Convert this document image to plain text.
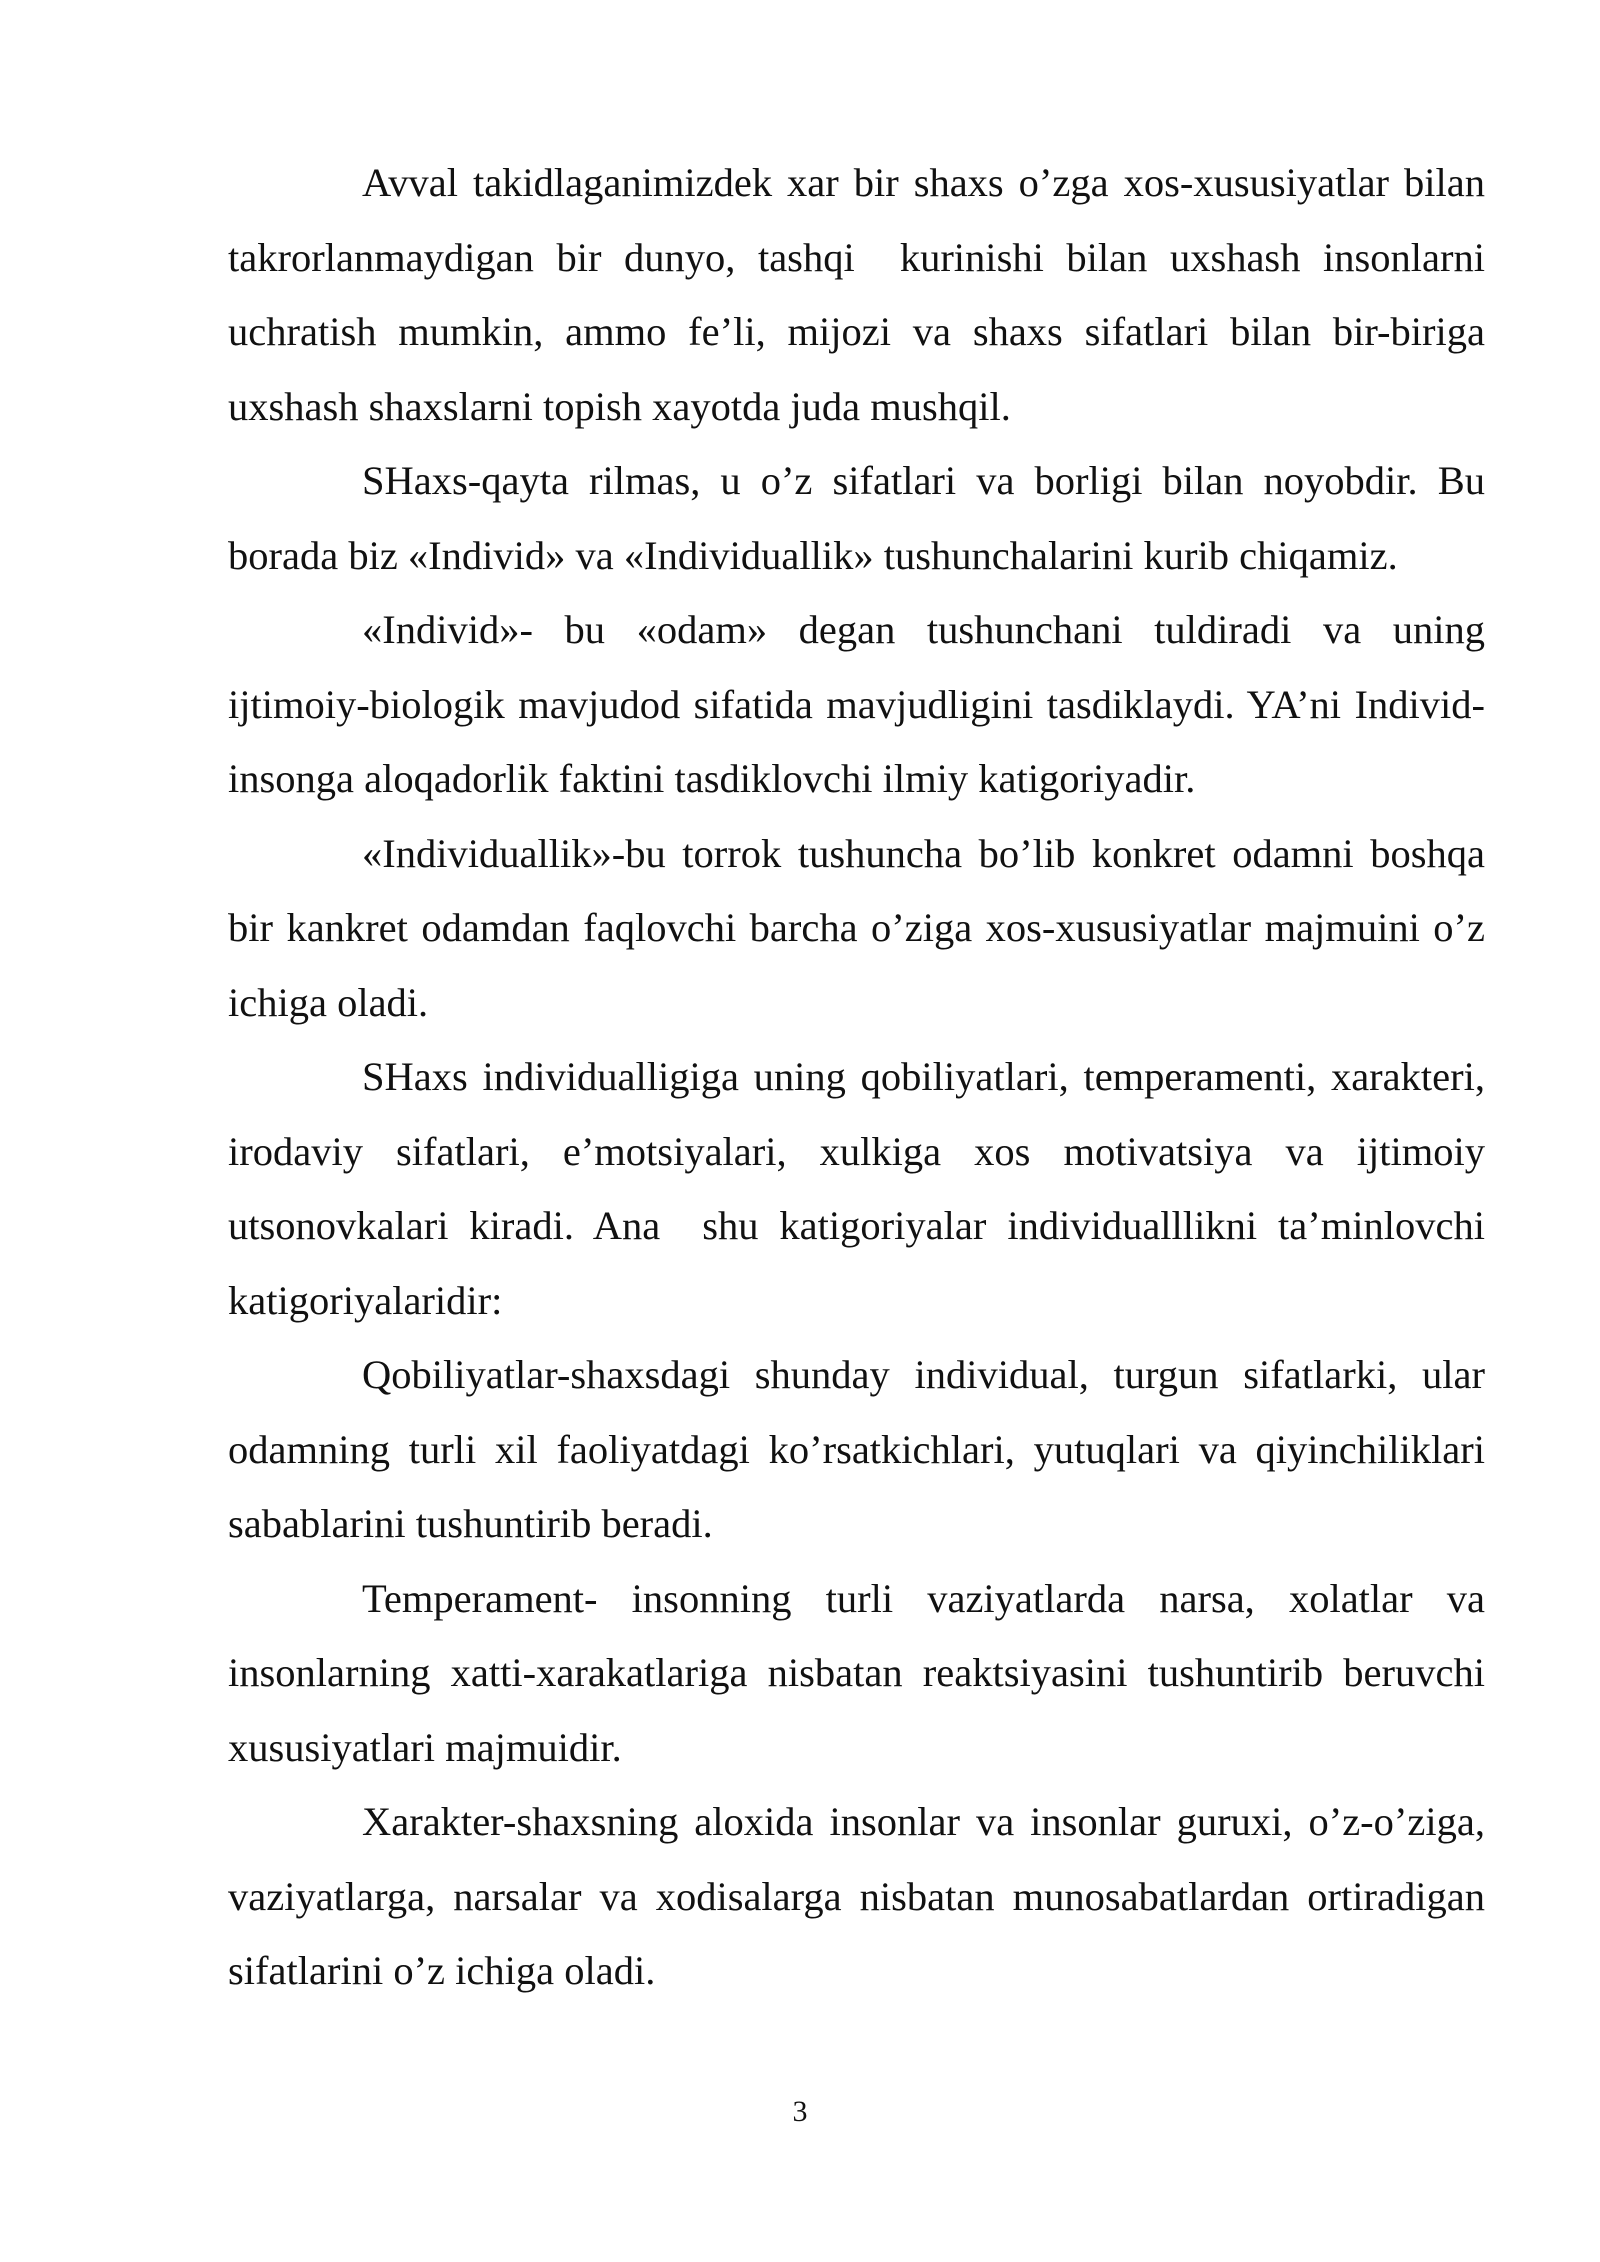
Avval takidlaganimizdek xar bir shaxs o’zga xos-xususiyatlar bilan takrorlanmaydigan bir dunyo, tashqi  kurinishi bilan uxshash insonlarni uchratish mumkin, ammo fe’li, mijozi va shaxs sifatlari bilan bir-biriga uxshash shaxslarni topish xayotda juda mushqil.

SHaxs-qayta rilmas, u o’z sifatlari va borligi bilan noyobdir. Bu borada biz «Individ» va «Individuallik» tushunchalarini kurib chiqamiz.

«Individ»- bu «odam» degan tushunchani tuldiradi va uning ijtimoiy-biologik mavjudod sifatida mavjudligini tasdiklaydi. YA’ni Individ- insonga aloqadorlik faktini tasdiklovchi ilmiy katigoriyadir.

«Individuallik»-bu torrok tushuncha bo’lib konkret odamni boshqa bir kankret odamdan faqlovchi barcha o’ziga xos-xususiyatlar majmuini o’z ichiga oladi.

SHaxs individualligiga uning qobiliyatlari, temperamenti, xarakteri, irodaviy sifatlari, e’motsiyalari, xulkiga xos motivatsiya va ijtimoiy utsonovkalari kiradi. Ana  shu katigoriyalar individualllikni ta’minlovchi katigoriyalaridir:

Qobiliyatlar-shaxsdagi shunday individual, turgun sifatlarki, ular odamning turli xil faoliyatdagi ko’rsatkichlari, yutuqlari va qiyinchiliklari sabablarini tushuntirib beradi.

Temperament- insonning turli vaziyatlarda narsa, xolatlar va insonlarning xatti-xarakatlariga nisbatan reaktsiyasini tushuntirib beruvchi xususiyatlari majmuidir.

Xarakter-shaxsning aloxida insonlar va insonlar guruxi, o’z-o’ziga, vaziyatlarga, narsalar va xodisalarga nisbatan munosabatlardan ortiradigan sifatlarini o’z ichiga oladi.

3
